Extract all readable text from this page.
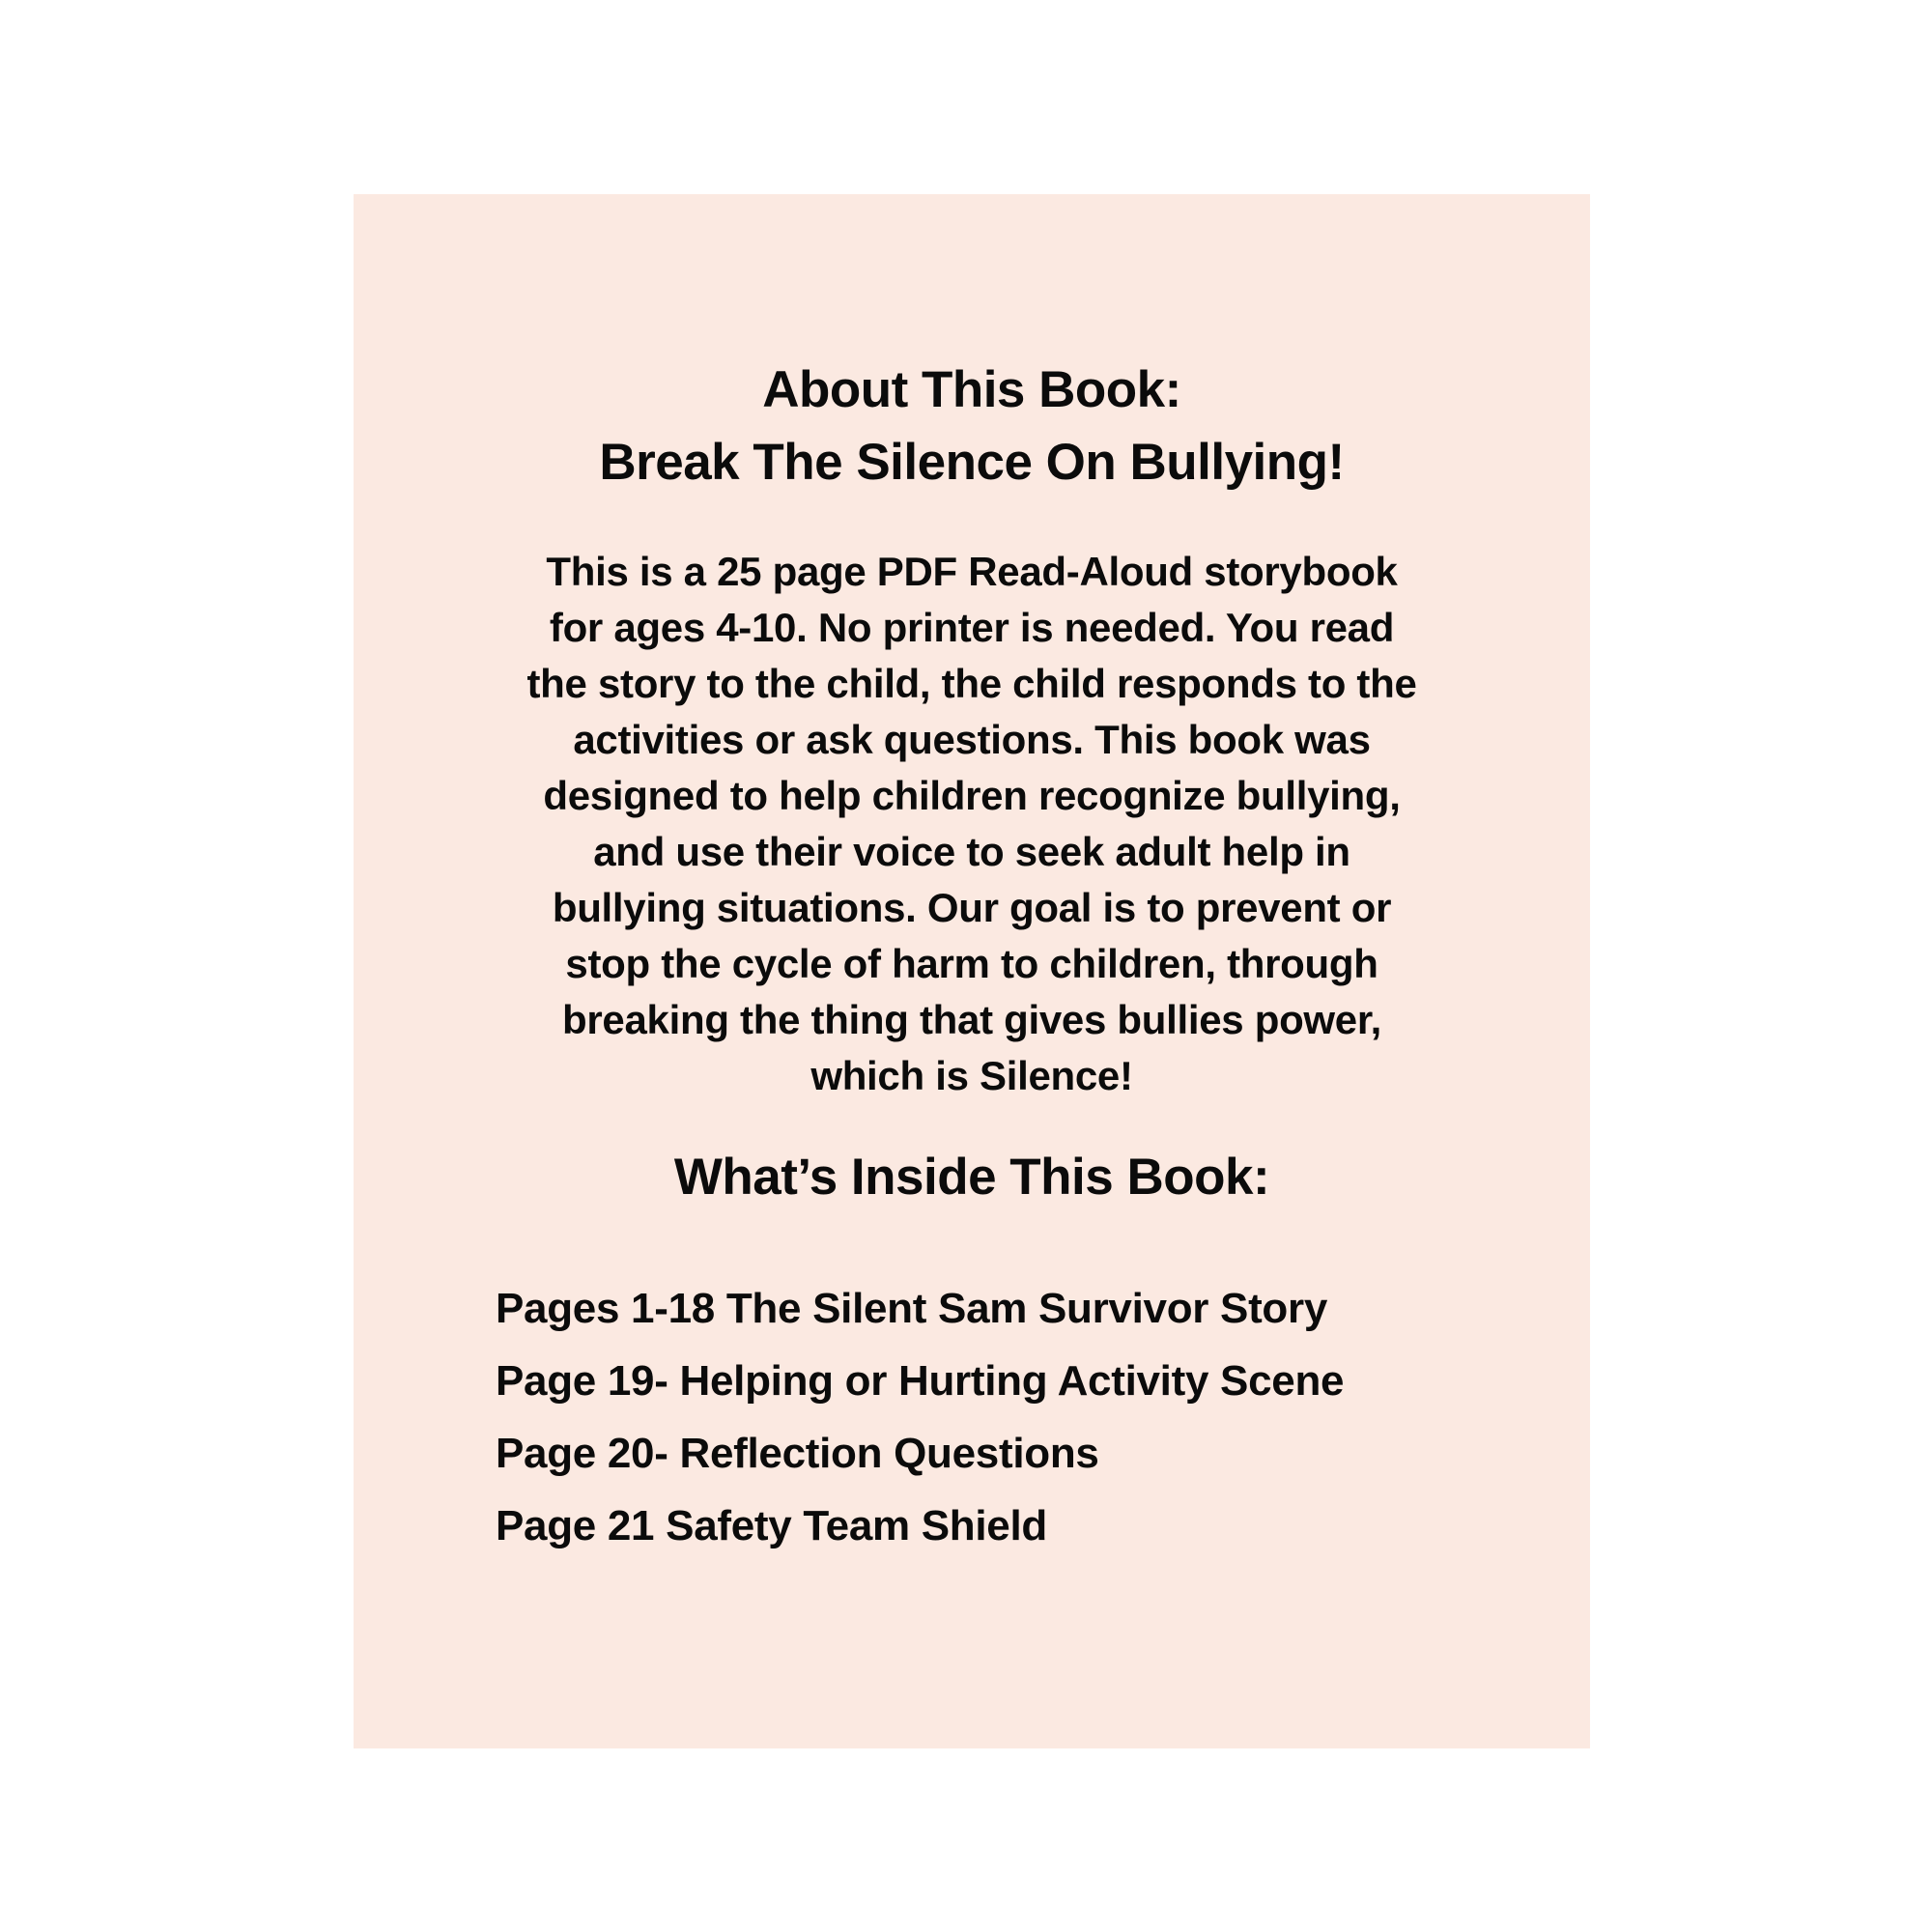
About This Book:
Break The Silence On Bullying!
This is a 25 page PDF Read-Aloud storybook
for ages 4-10. No printer is needed. You read
the story to the child, the child responds to the
activities or ask questions. This book was
designed to help children recognize bullying,
and use their voice to seek adult help in
bullying situations. Our goal is to prevent or
stop the cycle of harm to children, through
breaking the thing that gives bullies power,
which is Silence!
What’s Inside This Book:
Pages 1-18 The Silent Sam Survivor Story
Page 19- Helping or Hurting Activity Scene
Page 20- Reflection Questions
Page 21 Safety Team Shield
